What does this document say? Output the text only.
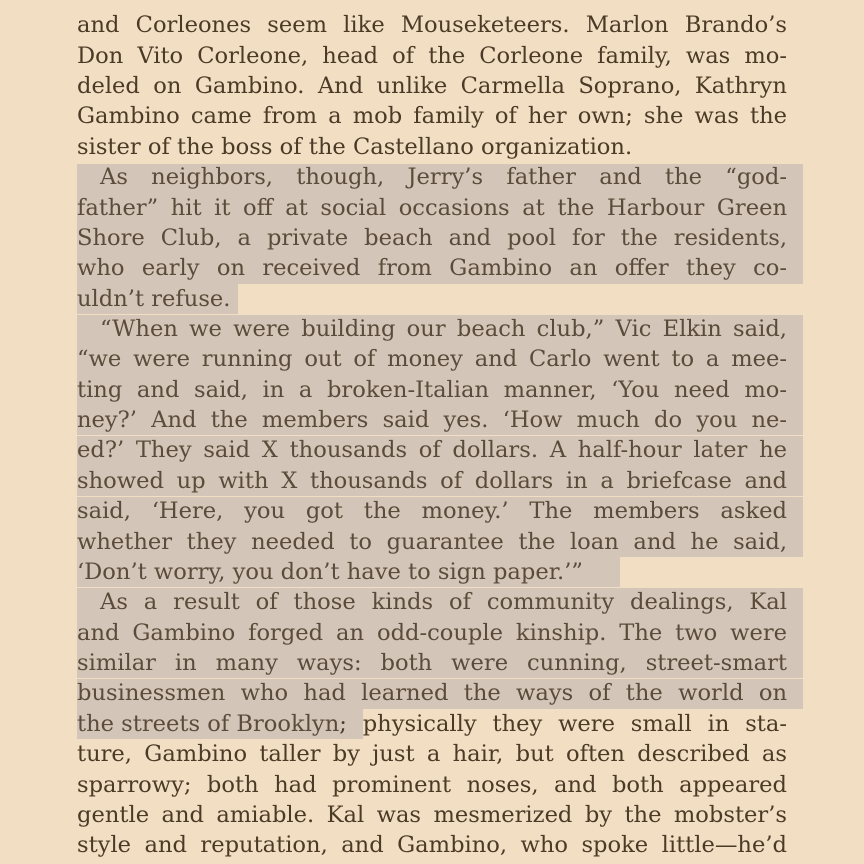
and Corleones seem like Mouseketeers. Marlon Brando’s
Don Vito Corleone, head of the Corleone family, was mo-
deled on Gambino. And unlike Carmella Soprano, Kathryn
Gambino came from a mob family of her own; she was the
sister of the boss of the Castellano organization.
As neighbors, though, Jerry’s father and the “god-
father” hit it off at social occasions at the Harbour Green
Shore Club, a private beach and pool for the residents,
who early on received from Gambino an offer they co-
uldn’t refuse.
“When we were building our beach club,” Vic Elkin said,
“we were running out of money and Carlo went to a mee-
ting and said, in a broken-Italian manner, ‘You need mo-
ney?’ And the members said yes. ‘How much do you ne-
ed?’ They said X thousands of dollars. A half-hour later he
showed up with X thousands of dollars in a briefcase and
said, ‘Here, you got the money.’ The members asked
whether they needed to guarantee the loan and he said,
‘Don’t worry, you don’t have to sign paper.’”
As a result of those kinds of community dealings, Kal
and Gambino forged an odd-couple kinship. The two were
similar in many ways: both were cunning, street-smart
businessmen who had learned the ways of the world on
the streets of Brooklyn ; physically they were small in sta-
ture, Gambino taller by just a hair, but often described as
sparrowy; both had prominent noses, and both appeared
gentle and amiable. Kal was mesmerized by the mobster’s
style and reputation, and Gambino, who spoke little—he’d
